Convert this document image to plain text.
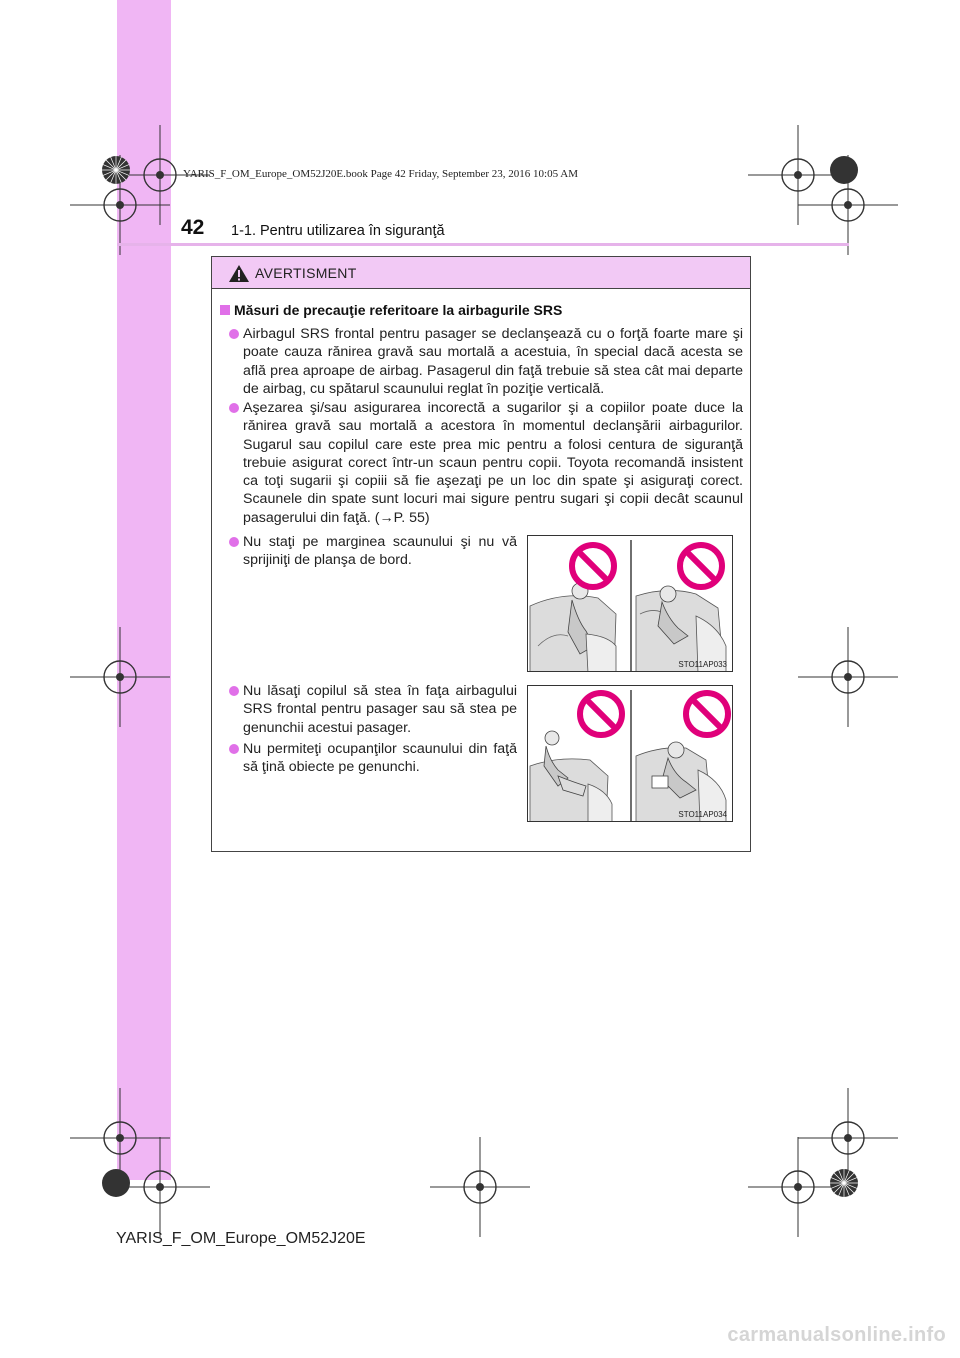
YARIS_F_OM_Europe_OM52J20E.book Page 42 Friday, September 23, 2016 10:05 AM
42 1-1. Pentru utilizarea în siguranţă
AVERTISMENT
Măsuri de precauţie referitoare la airbagurile SRS
Airbagul SRS frontal pentru pasager se declanşează cu o forţă foarte mare şi poate cauza rănirea gravă sau mortală a acestuia, în special dacă acesta se află prea aproape de airbag. Pasagerul din faţă trebuie să stea cât mai departe de airbag, cu spătarul scaunului reglat în poziţie verticală.
Aşezarea şi/sau asigurarea incorectă a sugarilor şi a copiilor poate duce la rănirea gravă sau mortală a acestora în momentul declanşării airbagurilor. Sugarul sau copilul care este prea mic pentru a folosi centura de siguranţă trebuie asigurat corect într-un scaun pentru copii. Toyota recomandă insistent ca toţi sugarii şi copiii să fie aşezaţi pe un loc din spate şi asiguraţi corect. Scaunele din spate sunt locuri mai sigure pentru sugari şi copii decât scaunul pasagerului din faţă. (→P. 55)
Nu staţi pe marginea scaunului şi nu vă sprijiniţi de planşa de bord.
Nu lăsaţi copilul să stea în faţa airbagului SRS frontal pentru pasager sau să stea pe genunchii acestui pasager.
Nu permiteţi ocupanţilor scaunului din faţă să ţină obiecte pe genunchi.
STO11AP033
STO11AP034
YARIS_F_OM_Europe_OM52J20E
carmanualsonline.info
